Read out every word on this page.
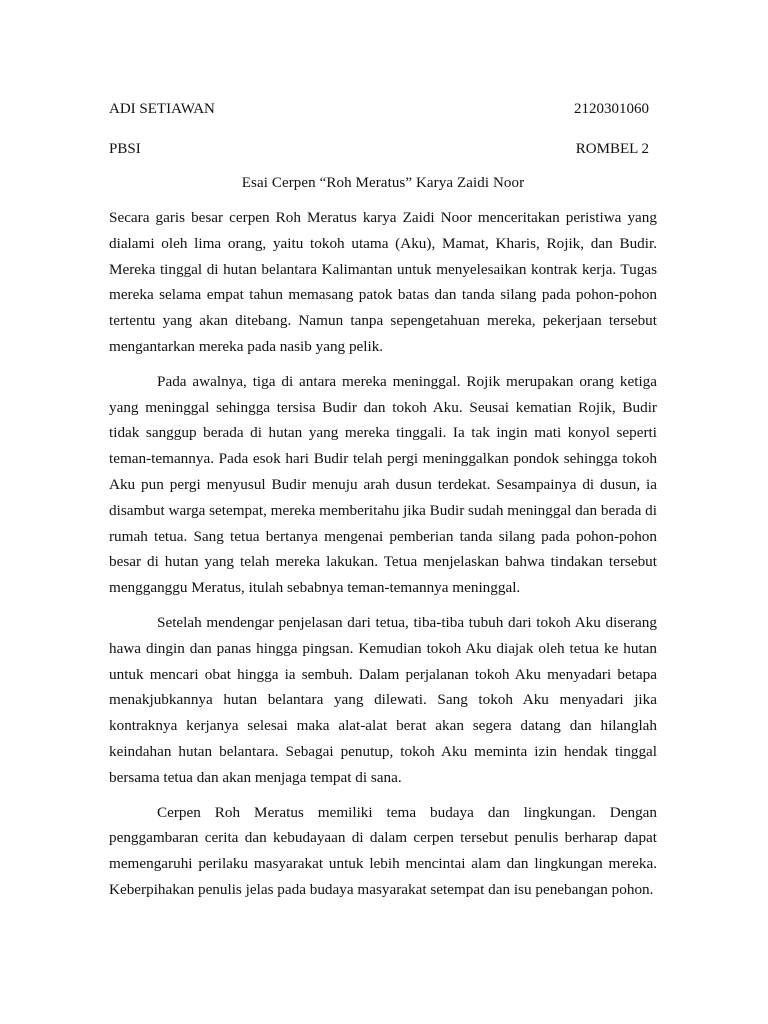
ADI SETIAWAN	2120301060
PBSI	ROMBEL 2
Esai Cerpen “Roh Meratus” Karya Zaidi Noor

Secara garis besar cerpen Roh Meratus karya Zaidi Noor menceritakan peristiwa yang dialami oleh lima orang, yaitu tokoh utama (Aku), Mamat, Kharis, Rojik, dan Budir. Mereka tinggal di hutan belantara Kalimantan untuk menyelesaikan kontrak kerja. Tugas mereka selama empat tahun memasang patok batas dan tanda silang pada pohon-pohon tertentu yang akan ditebang. Namun tanpa sepengetahuan mereka, pekerjaan tersebut mengantarkan mereka pada nasib yang pelik.

Pada awalnya, tiga di antara mereka meninggal. Rojik merupakan orang ketiga yang meninggal sehingga tersisa Budir dan tokoh Aku. Seusai kematian Rojik, Budir tidak sanggup berada di hutan yang mereka tinggali. Ia tak ingin mati konyol seperti teman-temannya. Pada esok hari Budir telah pergi meninggalkan pondok sehingga tokoh Aku pun pergi menyusul Budir menuju arah dusun terdekat. Sesampainya di dusun, ia disambut warga setempat, mereka memberitahu jika Budir sudah meninggal dan berada di rumah tetua. Sang tetua bertanya mengenai pemberian tanda silang pada pohon-pohon besar di hutan yang telah mereka lakukan. Tetua menjelaskan bahwa tindakan tersebut mengganggu Meratus, itulah sebabnya teman-temannya meninggal.

Setelah mendengar penjelasan dari tetua, tiba-tiba tubuh dari tokoh Aku diserang hawa dingin dan panas hingga pingsan. Kemudian tokoh Aku diajak oleh tetua ke hutan untuk mencari obat hingga ia sembuh. Dalam perjalanan tokoh Aku menyadari betapa menakjubkannya hutan belantara yang dilewati. Sang tokoh Aku menyadari jika kontraknya kerjanya selesai maka alat-alat berat akan segera datang dan hilanglah keindahan hutan belantara. Sebagai penutup, tokoh Aku meminta izin hendak tinggal bersama tetua dan akan menjaga tempat di sana.

Cerpen Roh Meratus memiliki tema budaya dan lingkungan. Dengan penggambaran cerita dan kebudayaan di dalam cerpen tersebut penulis berharap dapat memengaruhi perilaku masyarakat untuk lebih mencintai alam dan lingkungan mereka. Keberpihakan penulis jelas pada budaya masyarakat setempat dan isu penebangan pohon.
